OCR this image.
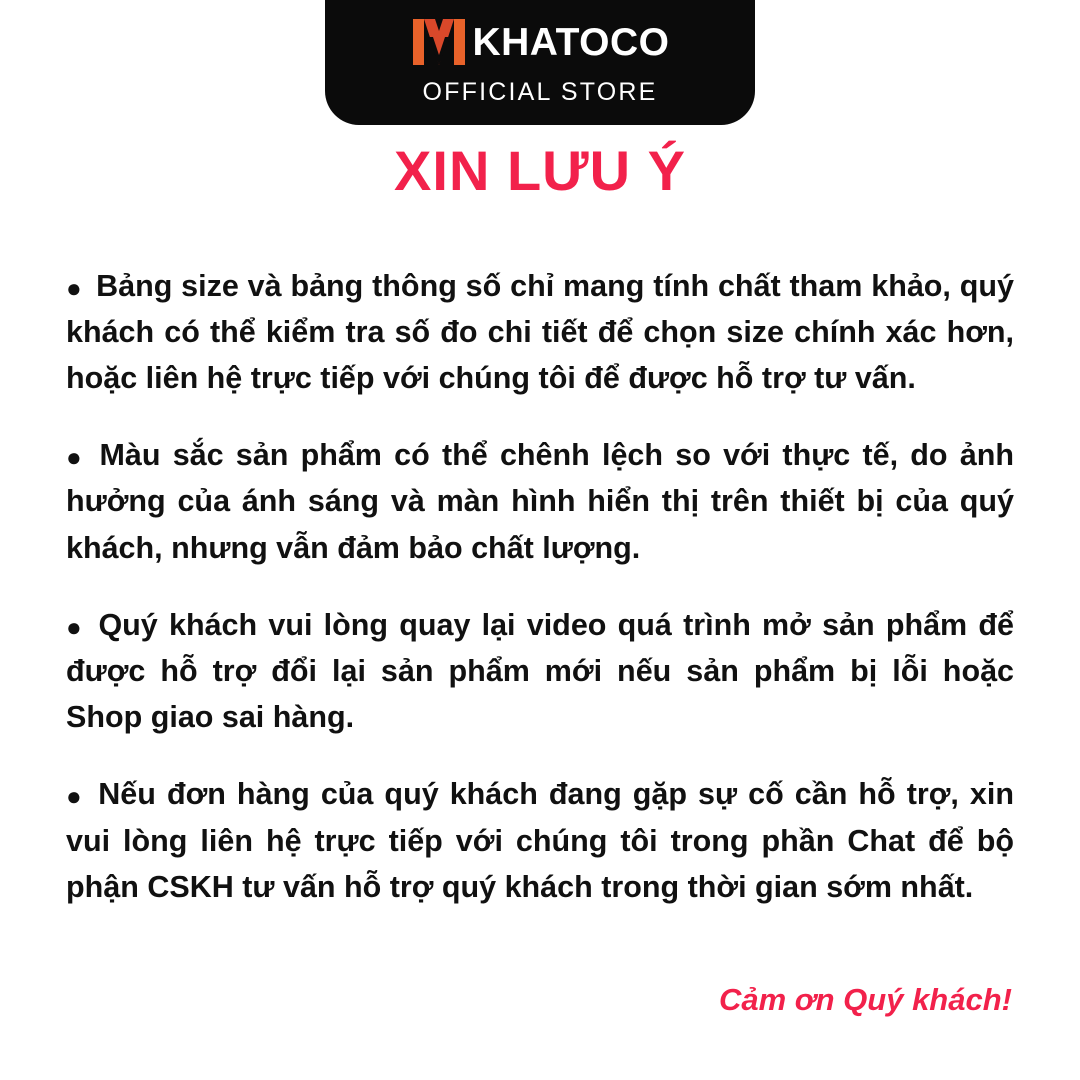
KHATOCO
OFFICIAL STORE
XIN LƯU Ý

● Bảng size và bảng thông số chỉ mang tính chất tham khảo, quý khách có thể kiểm tra số đo chi tiết để chọn size chính xác hơn, hoặc liên hệ trực tiếp với chúng tôi để được hỗ trợ tư vấn.

● Màu sắc sản phẩm có thể chênh lệch so với thực tế, do ảnh hưởng của ánh sáng và màn hình hiển thị trên thiết bị của quý khách, nhưng vẫn đảm bảo chất lượng.

● Quý khách vui lòng quay lại video quá trình mở sản phẩm để được hỗ trợ đổi lại sản phẩm mới nếu sản phẩm bị lỗi hoặc Shop giao sai hàng.

● Nếu đơn hàng của quý khách đang gặp sự cố cần hỗ trợ, xin vui lòng liên hệ trực tiếp với chúng tôi trong phần Chat để bộ phận CSKH tư vấn hỗ trợ quý khách trong thời gian sớm nhất.

Cảm ơn Quý khách!
